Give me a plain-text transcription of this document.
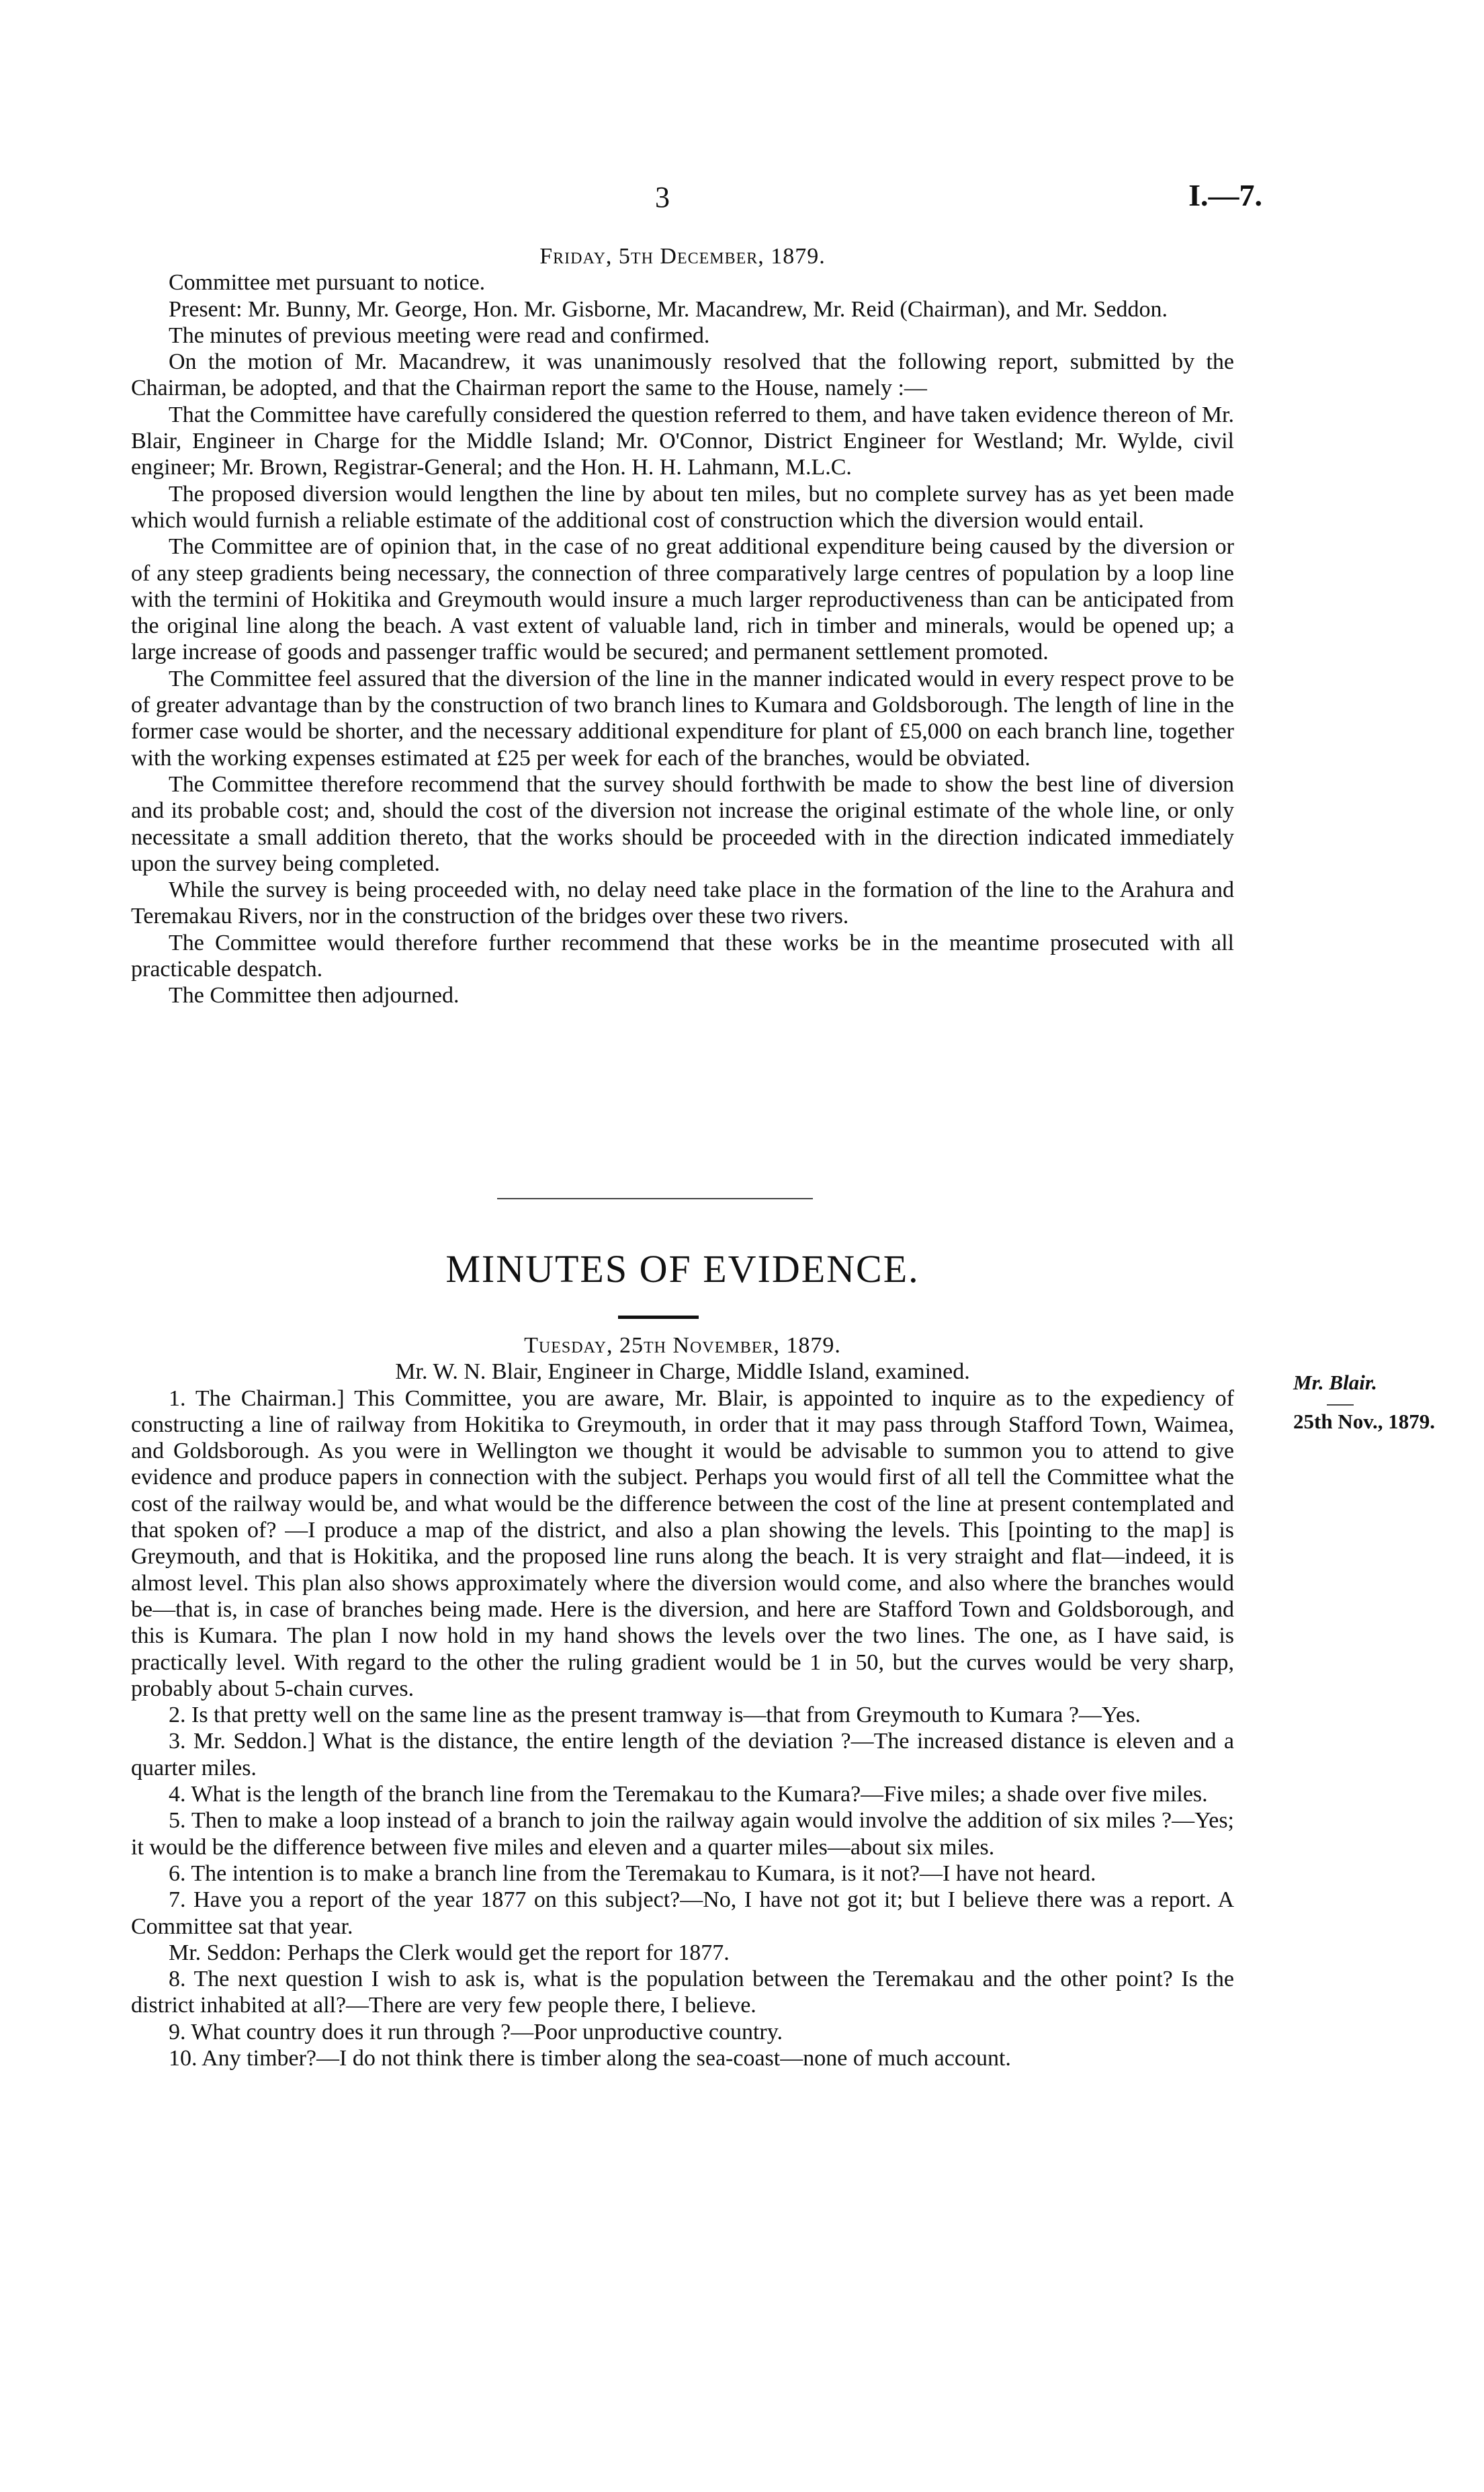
3	I.—7.

Friday, 5th December, 1879.

Committee met pursuant to notice.

Present: Mr. Bunny, Mr. George, Hon. Mr. Gisborne, Mr. Macandrew, Mr. Reid (Chairman), and Mr. Seddon.

The minutes of previous meeting were read and confirmed.

On the motion of Mr. Macandrew, it was unanimously resolved that the following report, submitted by the Chairman, be adopted, and that the Chairman report the same to the House, namely :—

That the Committee have carefully considered the question referred to them, and have taken evidence thereon of Mr. Blair, Engineer in Charge for the Middle Island; Mr. O'Connor, District Engineer for Westland; Mr. Wylde, civil engineer; Mr. Brown, Registrar-General; and the Hon. H. H. Lahmann, M.L.C.

The proposed diversion would lengthen the line by about ten miles, but no complete survey has as yet been made which would furnish a reliable estimate of the additional cost of construction which the diversion would entail.

The Committee are of opinion that, in the case of no great additional expenditure being caused by the diversion or of any steep gradients being necessary, the connection of three comparatively large centres of population by a loop line with the termini of Hokitika and Greymouth would insure a much larger reproductiveness than can be anticipated from the original line along the beach. A vast extent of valuable land, rich in timber and minerals, would be opened up; a large increase of goods and passenger traffic would be secured; and permanent settlement promoted.

The Committee feel assured that the diversion of the line in the manner indicated would in every respect prove to be of greater advantage than by the construction of two branch lines to Kumara and Goldsborough. The length of line in the former case would be shorter, and the necessary additional expenditure for plant of £5,000 on each branch line, together with the working expenses estimated at £25 per week for each of the branches, would be obviated.

The Committee therefore recommend that the survey should forthwith be made to show the best line of diversion and its probable cost; and, should the cost of the diversion not increase the original estimate of the whole line, or only necessitate a small addition thereto, that the works should be proceeded with in the direction indicated immediately upon the survey being completed.

While the survey is being proceeded with, no delay need take place in the formation of the line to the Arahura and Teremakau Rivers, nor in the construction of the bridges over these two rivers.

The Committee would therefore further recommend that these works be in the meantime prosecuted with all practicable despatch.

The Committee then adjourned.

MINUTES OF EVIDENCE.

Tuesday, 25th November, 1879.

Mr. W. N. Blair, Engineer in Charge, Middle Island, examined.

1. The Chairman.] This Committee, you are aware, Mr. Blair, is appointed to inquire as to the expediency of constructing a line of railway from Hokitika to Greymouth, in order that it may pass through Stafford Town, Waimea, and Goldsborough. As you were in Wellington we thought it would be advisable to summon you to attend to give evidence and produce papers in connection with the subject. Perhaps you would first of all tell the Committee what the cost of the railway would be, and what would be the difference between the cost of the line at present contemplated and that spoken of? —I produce a map of the district, and also a plan showing the levels. This [pointing to the map] is Greymouth, and that is Hokitika, and the proposed line runs along the beach. It is very straight and flat—indeed, it is almost level. This plan also shows approximately where the diversion would come, and also where the branches would be—that is, in case of branches being made. Here is the diversion, and here are Stafford Town and Goldsborough, and this is Kumara. The plan I now hold in my hand shows the levels over the two lines. The one, as I have said, is practically level. With regard to the other the ruling gradient would be 1 in 50, but the curves would be very sharp, probably about 5-chain curves.

2. Is that pretty well on the same line as the present tramway is—that from Greymouth to Kumara ?—Yes.

3. Mr. Seddon.] What is the distance, the entire length of the deviation ?—The increased distance is eleven and a quarter miles.

4. What is the length of the branch line from the Teremakau to the Kumara?—Five miles; a shade over five miles.

5. Then to make a loop instead of a branch to join the railway again would involve the addition of six miles ?—Yes; it would be the difference between five miles and eleven and a quarter miles—about six miles.

6. The intention is to make a branch line from the Teremakau to Kumara, is it not?—I have not heard.

7. Have you a report of the year 1877 on this subject?—No, I have not got it; but I believe there was a report. A Committee sat that year.

Mr. Seddon: Perhaps the Clerk would get the report for 1877.

8. The next question I wish to ask is, what is the population between the Teremakau and the other point? Is the district inhabited at all?—There are very few people there, I believe.

9. What country does it run through ?—Poor unproductive country.

10. Any timber?—I do not think there is timber along the sea-coast—none of much account.

Mr. Blair.
25th Nov., 1879.
